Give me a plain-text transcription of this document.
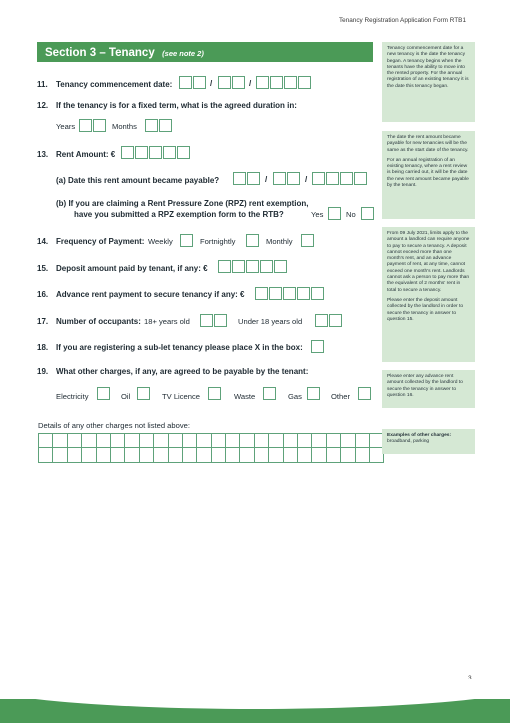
Tenancy Registration Application Form RTB1
Section 3 – Tenancy (see note 2)
11. Tenancy commencement date:	/	/
12. If the tenancy is for a fixed term, what is the agreed duration in:
Years	Months
13. Rent Amount: €
(a) Date this rent amount became payable?	/	/
(b) If you are claiming a Rent Pressure Zone (RPZ) rent exemption,
have you submitted a RPZ exemption form to the RTB?	Yes	No
14. Frequency of Payment: Weekly	Fortnightly	Monthly
15. Deposit amount paid by tenant, if any: €
16. Advance rent payment to secure tenancy if any: €
17. Number of occupants: 18+ years old	Under 18 years old
18. If you are registering a sub-let tenancy please place X in the box:
19. What other charges, if any, are agreed to be payable by the tenant:
Electricity	Oil	TV Licence	Waste	Gas	Other
Details of any other charges not listed above:

Tenancy commencement date for a new tenancy is the date the tenancy began. A tenancy begins when the tenants have the ability to move into the rented property. For the annual registration of an existing tenancy it is the date this tenancy began.

The date the rent amount became payable for new tenancies will be the same as the start date of the tenancy.

For an annual registration of an existing tenancy, where a rent review is being carried out, it will be the date the new rent amount became payable by the tenant.

From 09 July 2021, limits apply to the amount a landlord can require anyone to pay to secure a tenancy. A deposit cannot exceed more than one month's rent, and an advance payment of rent, at any time, cannot exceed one month's rent. Landlords cannot ask a person to pay more than the equivalent of 2 months' rent in total to secure a tenancy.

Please enter the deposit amount collected by the landlord in order to secure the tenancy in answer to question 15.

Please enter any advance rent amount collected by the landlord to secure the tenancy in answer to question 16.

Examples of other charges:
broadband, parking
